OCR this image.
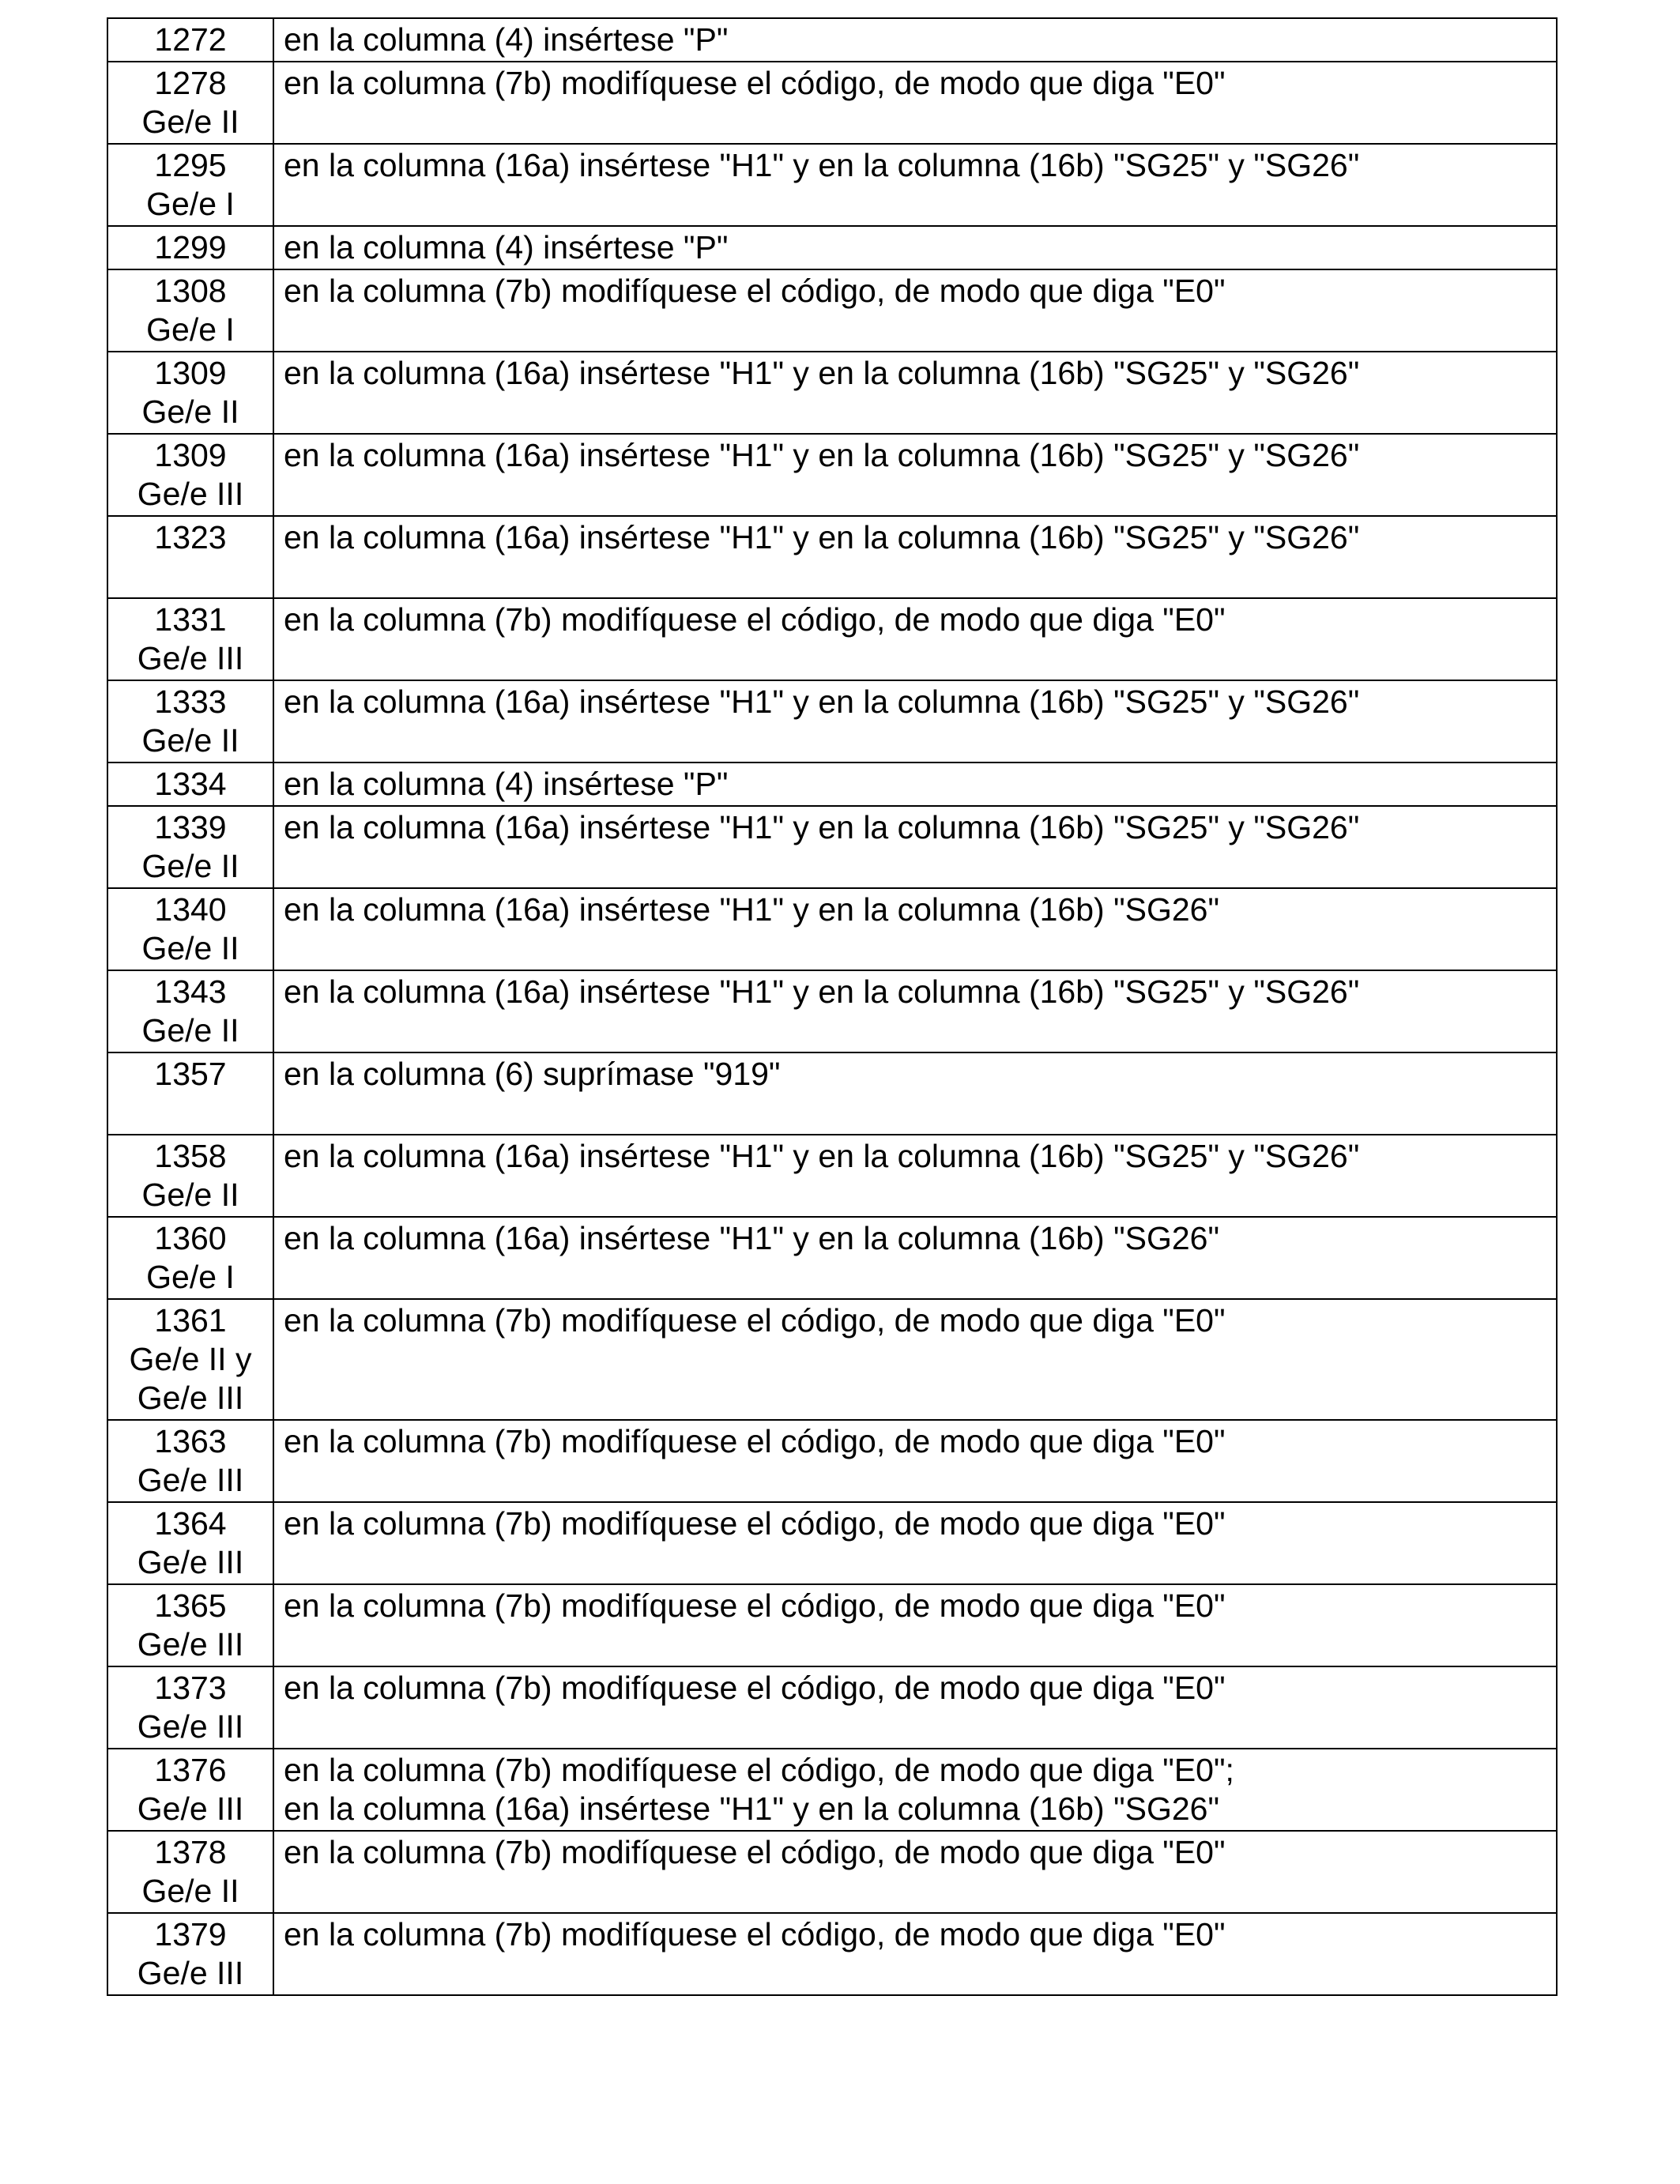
1272	en la columna (4) insértese "P"

1278
Ge/e II	en la columna (7b) modifíquese el código, de modo que diga "E0"

1295
Ge/e I	en la columna (16a) insértese "H1" y en la columna (16b) "SG25" y "SG26"

1299	en la columna (4) insértese "P"

1308
Ge/e I	en la columna (7b) modifíquese el código, de modo que diga "E0"

1309
Ge/e II	en la columna (16a) insértese "H1" y en la columna (16b) "SG25" y "SG26"

1309
Ge/e III	en la columna (16a) insértese "H1" y en la columna (16b) "SG25" y "SG26"

1323	en la columna (16a) insértese "H1" y en la columna (16b) "SG25" y "SG26"

1331
Ge/e III	en la columna (7b) modifíquese el código, de modo que diga "E0"

1333
Ge/e II	en la columna (16a) insértese "H1" y en la columna (16b) "SG25" y "SG26"

1334	en la columna (4) insértese "P"

1339
Ge/e II	en la columna (16a) insértese "H1" y en la columna (16b) "SG25" y "SG26"

1340
Ge/e II	en la columna (16a) insértese "H1" y en la columna (16b) "SG26"

1343
Ge/e II	en la columna (16a) insértese "H1" y en la columna (16b) "SG25" y "SG26"

1357	en la columna (6) suprímase "919"

1358
Ge/e II	en la columna (16a) insértese "H1" y en la columna (16b) "SG25" y "SG26"

1360
Ge/e I	en la columna (16a) insértese "H1" y en la columna (16b) "SG26"

1361
Ge/e II y
Ge/e III	en la columna (7b) modifíquese el código, de modo que diga "E0"

1363
Ge/e III	en la columna (7b) modifíquese el código, de modo que diga "E0"

1364
Ge/e III	en la columna (7b) modifíquese el código, de modo que diga "E0"

1365
Ge/e III	en la columna (7b) modifíquese el código, de modo que diga "E0"

1373
Ge/e III	en la columna (7b) modifíquese el código, de modo que diga "E0"

1376
Ge/e III	en la columna (7b) modifíquese el código, de modo que diga "E0";
en la columna (16a) insértese "H1" y en la columna (16b) "SG26"

1378
Ge/e II	en la columna (7b) modifíquese el código, de modo que diga "E0"

1379
Ge/e III	en la columna (7b) modifíquese el código, de modo que diga "E0"
